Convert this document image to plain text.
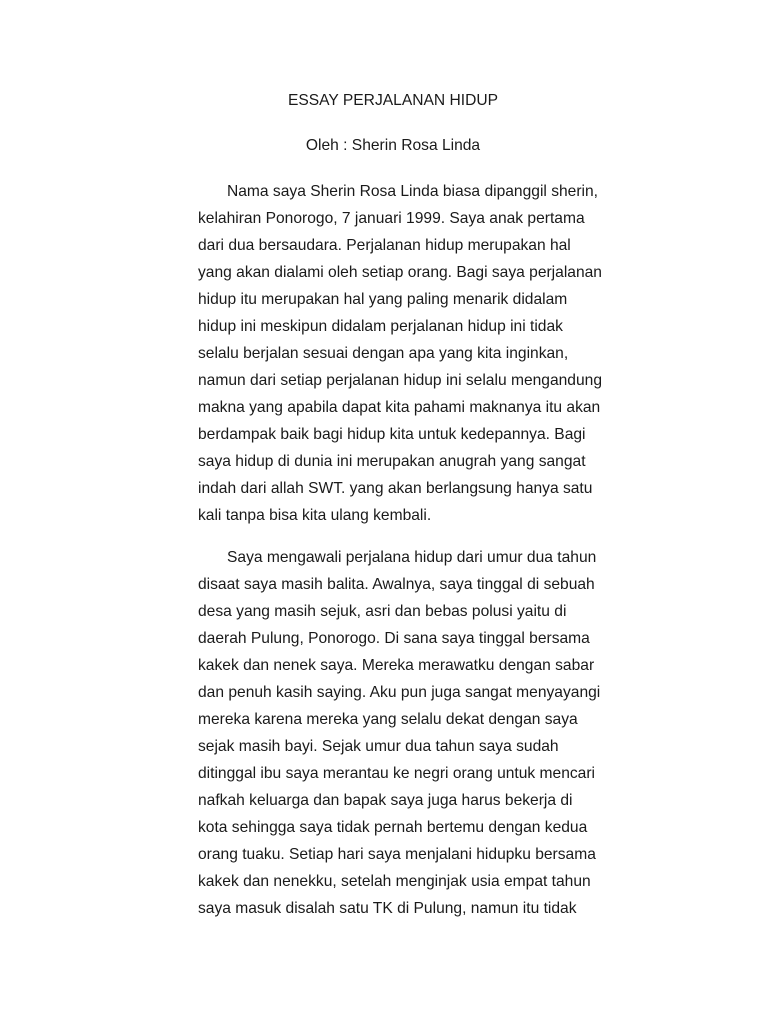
ESSAY PERJALANAN HIDUP
Oleh : Sherin Rosa Linda
Nama saya Sherin Rosa Linda biasa dipanggil sherin,
kelahiran Ponorogo, 7 januari 1999. Saya anak pertama
dari dua bersaudara. Perjalanan hidup merupakan hal
yang akan dialami oleh setiap orang. Bagi saya perjalanan
hidup itu merupakan hal yang paling menarik didalam
hidup ini meskipun didalam perjalanan hidup ini tidak
selalu berjalan sesuai dengan apa yang kita inginkan,
namun dari setiap perjalanan hidup ini selalu mengandung
makna yang apabila dapat kita pahami maknanya itu akan
berdampak baik bagi hidup kita untuk kedepannya. Bagi
saya hidup di dunia ini merupakan anugrah yang sangat
indah dari allah SWT. yang akan berlangsung hanya satu
kali tanpa bisa kita ulang kembali.
Saya mengawali perjalana hidup dari umur dua tahun
disaat saya masih balita. Awalnya, saya tinggal di sebuah
desa yang masih sejuk, asri dan bebas polusi yaitu di
daerah Pulung, Ponorogo. Di sana saya tinggal bersama
kakek dan nenek saya. Mereka merawatku dengan sabar
dan penuh kasih saying. Aku pun juga sangat menyayangi
mereka karena mereka yang selalu dekat dengan saya
sejak masih bayi. Sejak umur dua tahun saya sudah
ditinggal ibu saya merantau ke negri orang untuk mencari
nafkah keluarga dan bapak saya juga harus bekerja di
kota sehingga saya tidak pernah bertemu dengan kedua
orang tuaku. Setiap hari saya menjalani hidupku bersama
kakek dan nenekku, setelah menginjak usia empat tahun
saya masuk disalah satu TK di Pulung, namun itu tidak
